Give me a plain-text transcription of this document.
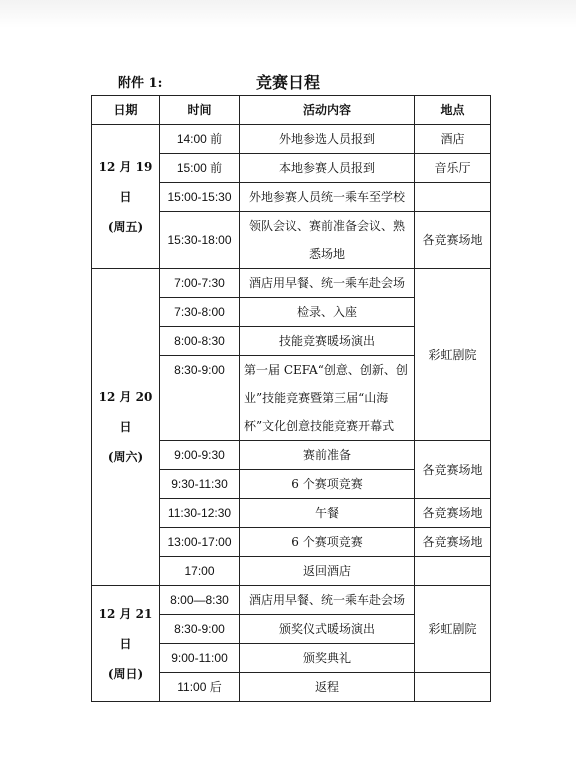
附件 1:	竞赛日程
日期	时间	活动内容	地点

12 月 19 日
(周五)	14:00 前	外地参选人员报到	酒店
	15:00 前	本地参赛人员报到	音乐厅
	15:00-15:30	外地参赛人员统一乘车至学校	
	15:30-18:00	领队会议、赛前准备会议、熟悉场地	各竞赛场地

12 月 20 日
(周六)	7:00-7:30	酒店用早餐、统一乘车赴会场	彩虹剧院
	7:30-8:00	检录、入座	
	8:00-8:30	技能竞赛暖场演出	
	8:30-9:00	第一届 CEFA“创意、创新、创业”技能竞赛暨第三届“山海杯”文化创意技能竞赛开幕式	
	9:00-9:30	赛前准备	各竞赛场地
	9:30-11:30	6 个赛项竞赛	
	11:30-12:30	午餐	各竞赛场地
	13:00-17:00	6 个赛项竞赛	各竞赛场地
	17:00	返回酒店	

12 月 21 日
(周日)	8:00—8:30	酒店用早餐、统一乘车赴会场	彩虹剧院
	8:30-9:00	颁奖仪式暖场演出	
	9:00-11:00	颁奖典礼	
	11:00 后	返程	
